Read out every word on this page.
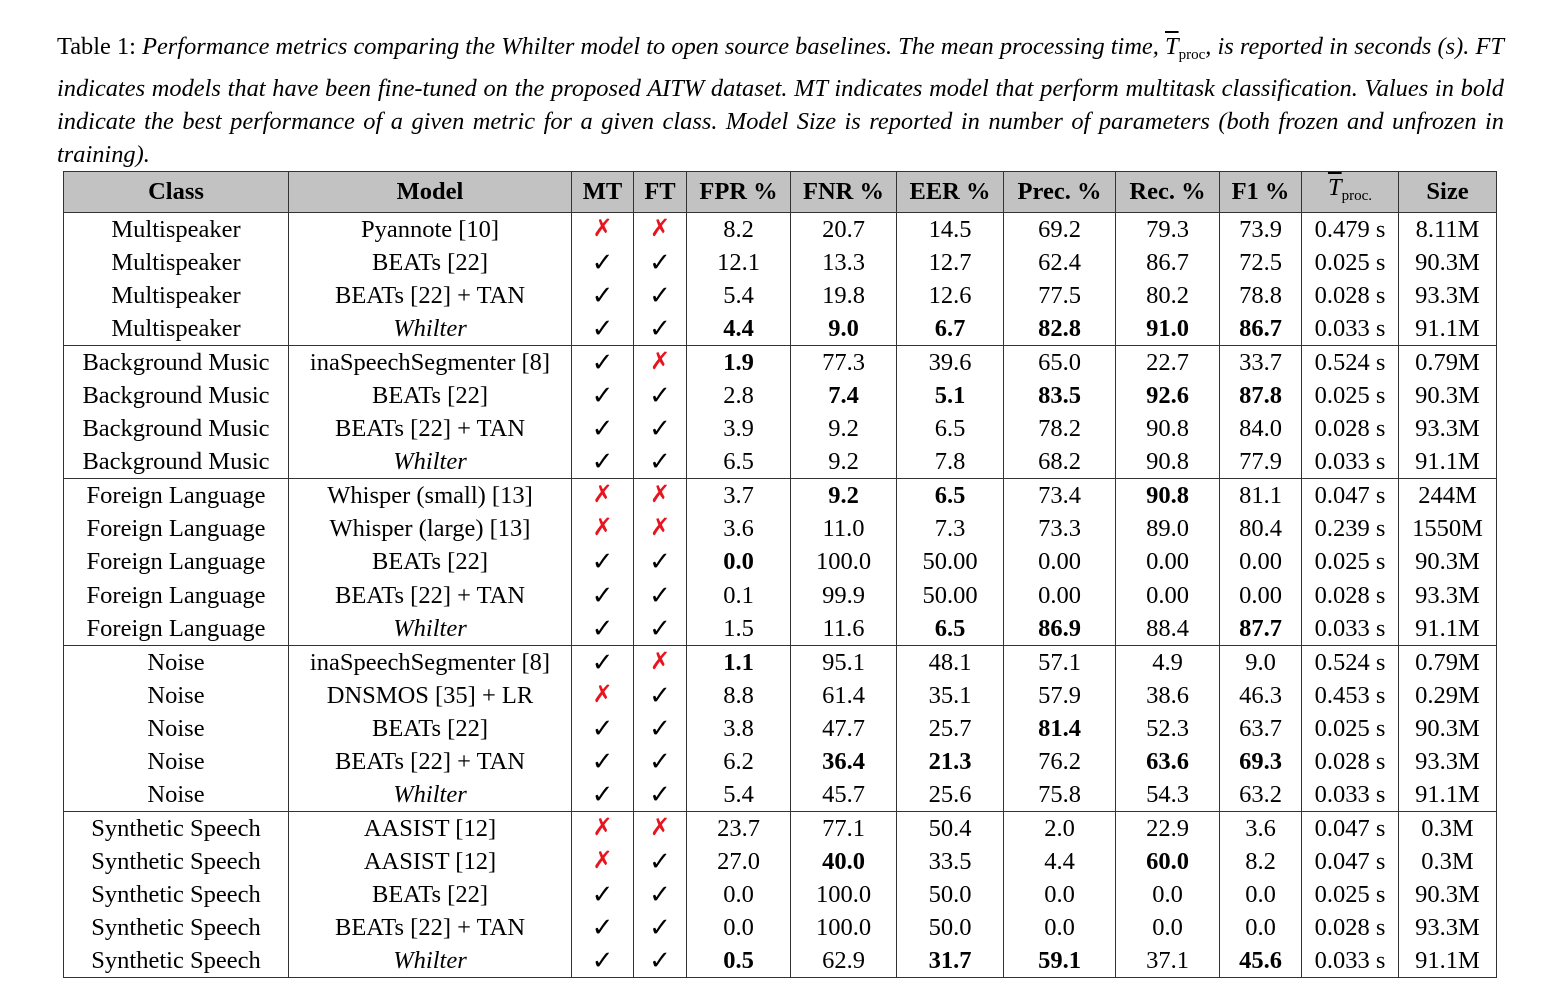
Table 1: Performance metrics comparing the Whilter model to open source baselines. The mean processing time, $\overline{T}_{proc}$, is reported in seconds (s). FT indicates models that have been fine-tuned on the proposed AITW dataset. MT indicates model that perform multitask classification. Values in bold indicate the best performance of a given metric for a given class. Model Size is reported in number of parameters (both frozen and unfrozen in training).
Class	Model	MT	FT	FPR %	FNR %	EER %	Prec. %	Rec. %	F1 %	$\overline{T}_{proc.}$	Size
Multispeaker	Pyannote [10]	✗	✗	8.2	20.7	14.5	69.2	79.3	73.9	0.479 s	8.11M
Multispeaker	BEATs [22]	✓	✓	12.1	13.3	12.7	62.4	86.7	72.5	0.025 s	90.3M
Multispeaker	BEATs [22] + TAN	✓	✓	5.4	19.8	12.6	77.5	80.2	78.8	0.028 s	93.3M
Multispeaker	Whilter	✓	✓	4.4	9.0	6.7	82.8	91.0	86.7	0.033 s	91.1M
Background Music	inaSpeechSegmenter [8]	✓	✗	1.9	77.3	39.6	65.0	22.7	33.7	0.524 s	0.79M
Background Music	BEATs [22]	✓	✓	2.8	7.4	5.1	83.5	92.6	87.8	0.025 s	90.3M
Background Music	BEATs [22] + TAN	✓	✓	3.9	9.2	6.5	78.2	90.8	84.0	0.028 s	93.3M
Background Music	Whilter	✓	✓	6.5	9.2	7.8	68.2	90.8	77.9	0.033 s	91.1M
Foreign Language	Whisper (small) [13]	✗	✗	3.7	9.2	6.5	73.4	90.8	81.1	0.047 s	244M
Foreign Language	Whisper (large) [13]	✗	✗	3.6	11.0	7.3	73.3	89.0	80.4	0.239 s	1550M
Foreign Language	BEATs [22]	✓	✓	0.0	100.0	50.00	0.00	0.00	0.00	0.025 s	90.3M
Foreign Language	BEATs [22] + TAN	✓	✓	0.1	99.9	50.00	0.00	0.00	0.00	0.028 s	93.3M
Foreign Language	Whilter	✓	✓	1.5	11.6	6.5	86.9	88.4	87.7	0.033 s	91.1M
Noise	inaSpeechSegmenter [8]	✓	✗	1.1	95.1	48.1	57.1	4.9	9.0	0.524 s	0.79M
Noise	DNSMOS [35] + LR	✗	✓	8.8	61.4	35.1	57.9	38.6	46.3	0.453 s	0.29M
Noise	BEATs [22]	✓	✓	3.8	47.7	25.7	81.4	52.3	63.7	0.025 s	90.3M
Noise	BEATs [22] + TAN	✓	✓	6.2	36.4	21.3	76.2	63.6	69.3	0.028 s	93.3M
Noise	Whilter	✓	✓	5.4	45.7	25.6	75.8	54.3	63.2	0.033 s	91.1M
Synthetic Speech	AASIST [12]	✗	✗	23.7	77.1	50.4	2.0	22.9	3.6	0.047 s	0.3M
Synthetic Speech	AASIST [12]	✗	✓	27.0	40.0	33.5	4.4	60.0	8.2	0.047 s	0.3M
Synthetic Speech	BEATs [22]	✓	✓	0.0	100.0	50.0	0.0	0.0	0.0	0.025 s	90.3M
Synthetic Speech	BEATs [22] + TAN	✓	✓	0.0	100.0	50.0	0.0	0.0	0.0	0.028 s	93.3M
Synthetic Speech	Whilter	✓	✓	0.5	62.9	31.7	59.1	37.1	45.6	0.033 s	91.1M
